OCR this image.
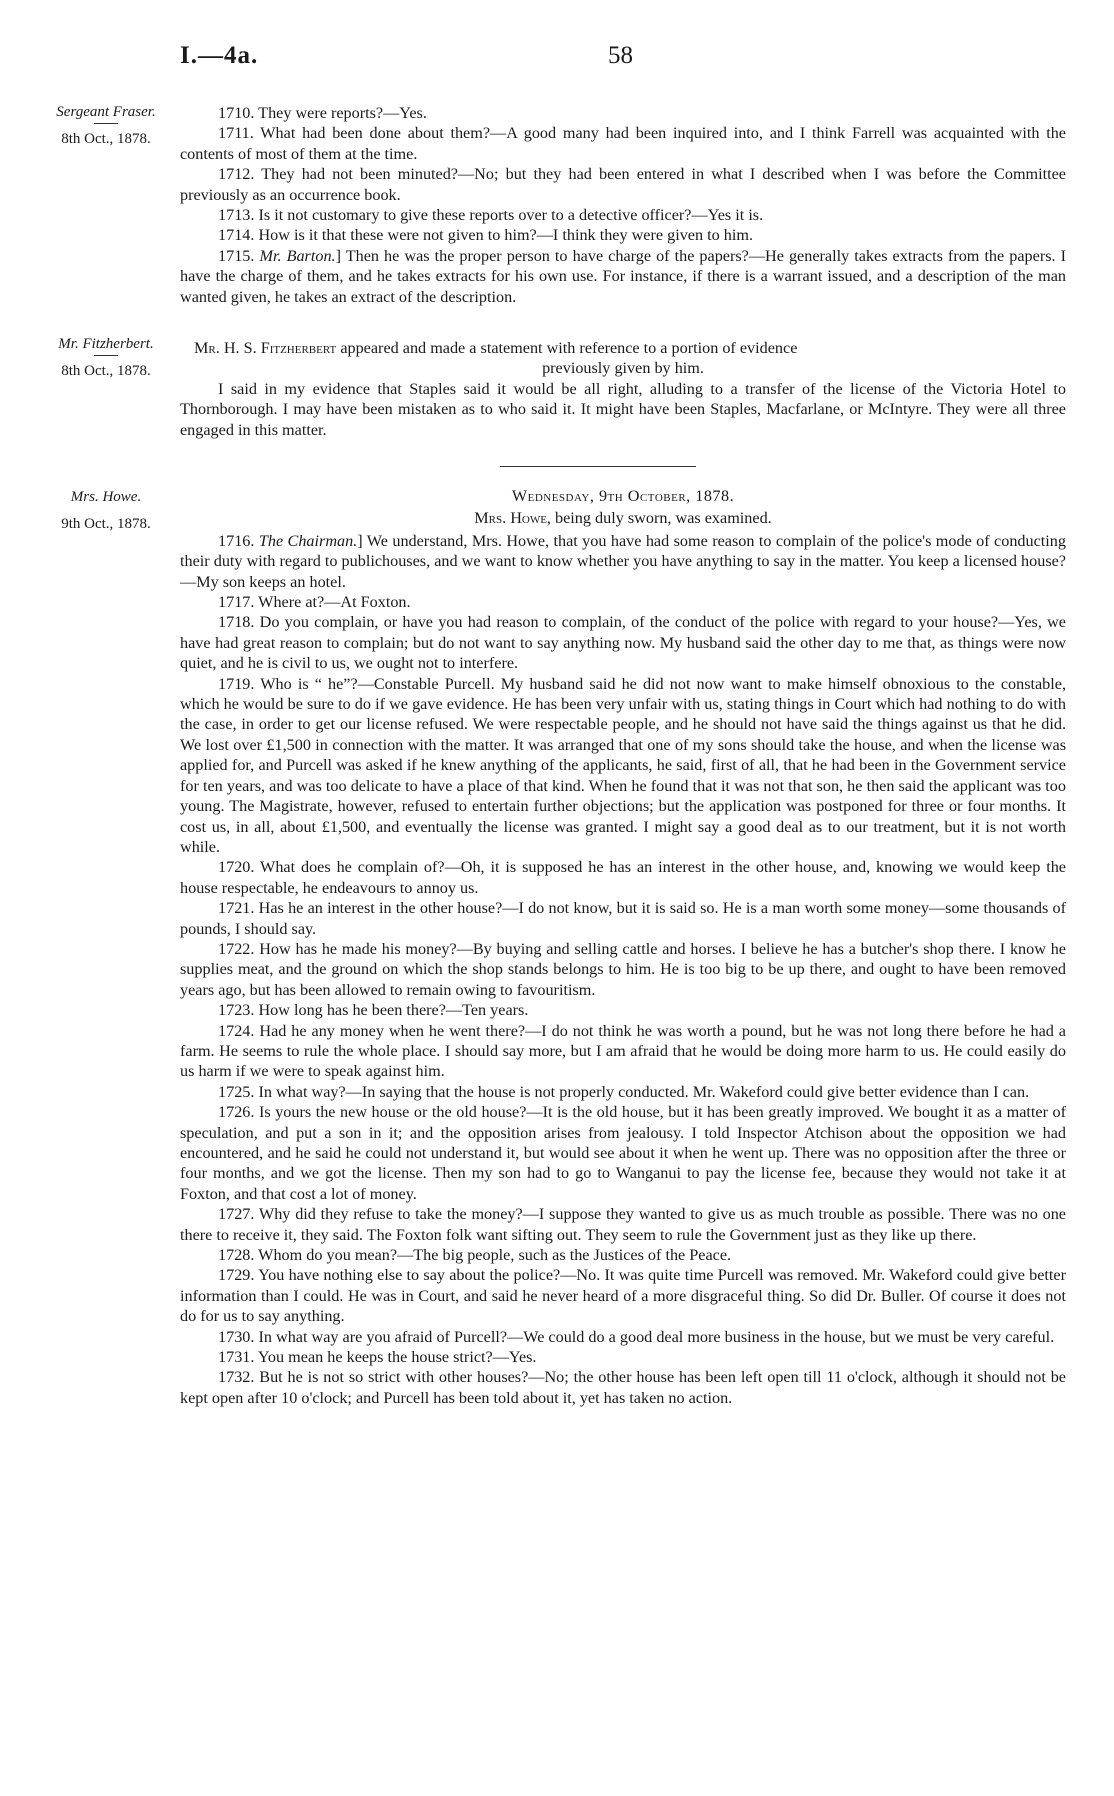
I.—4a.	58
Sergeant Fraser.
8th Oct., 1878.
Mr. Fitzherbert.
8th Oct., 1878.
Mrs. Howe.
9th Oct., 1878.

1710. They were reports?—Yes.

1711. What had been done about them?—A good many had been inquired into, and I think Farrell was acquainted with the contents of most of them at the time.

1712. They had not been minuted?—No; but they had been entered in what I described when I was before the Committee previously as an occurrence book.

1713. Is it not customary to give these reports over to a detective officer?—Yes it is.

1714. How is it that these were not given to him?—I think they were given to him.

1715. Mr. Barton.] Then he was the proper person to have charge of the papers?—He generally takes extracts from the papers. I have the charge of them, and he takes extracts for his own use. For instance, if there is a warrant issued, and a description of the man wanted given, he takes an extract of the description.

Mr. H. S. Fitzherbert appeared and made a statement with reference to a portion of evidence

previously given by him.

I said in my evidence that Staples said it would be all right, alluding to a transfer of the license of the Victoria Hotel to Thornborough. I may have been mistaken as to who said it. It might have been Staples, Macfarlane, or McIntyre. They were all three engaged in this matter.

Wednesday, 9th October, 1878.

Mrs. Howe, being duly sworn, was examined.

1716. The Chairman.] We understand, Mrs. Howe, that you have had some reason to complain of the police's mode of conducting their duty with regard to publichouses, and we want to know whether you have anything to say in the matter. You keep a licensed house?—My son keeps an hotel.

1717. Where at?—At Foxton.

1718. Do you complain, or have you had reason to complain, of the conduct of the police with regard to your house?—Yes, we have had great reason to complain; but do not want to say anything now. My husband said the other day to me that, as things were now quiet, and he is civil to us, we ought not to interfere.

1719. Who is “ he”?—Constable Purcell. My husband said he did not now want to make himself obnoxious to the constable, which he would be sure to do if we gave evidence. He has been very unfair with us, stating things in Court which had nothing to do with the case, in order to get our license refused. We were respectable people, and he should not have said the things against us that he did. We lost over £1,500 in connection with the matter. It was arranged that one of my sons should take the house, and when the license was applied for, and Purcell was asked if he knew anything of the applicants, he said, first of all, that he had been in the Government service for ten years, and was too delicate to have a place of that kind. When he found that it was not that son, he then said the applicant was too young. The Magistrate, however, refused to entertain further objections; but the application was postponed for three or four months. It cost us, in all, about £1,500, and eventually the license was granted. I might say a good deal as to our treatment, but it is not worth while.

1720. What does he complain of?—Oh, it is supposed he has an interest in the other house, and, knowing we would keep the house respectable, he endeavours to annoy us.

1721. Has he an interest in the other house?—I do not know, but it is said so. He is a man worth some money—some thousands of pounds, I should say.

1722. How has he made his money?—By buying and selling cattle and horses. I believe he has a butcher's shop there. I know he supplies meat, and the ground on which the shop stands belongs to him. He is too big to be up there, and ought to have been removed years ago, but has been allowed to remain owing to favouritism.

1723. How long has he been there?—Ten years.

1724. Had he any money when he went there?—I do not think he was worth a pound, but he was not long there before he had a farm. He seems to rule the whole place. I should say more, but I am afraid that he would be doing more harm to us. He could easily do us harm if we were to speak against him.

1725. In what way?—In saying that the house is not properly conducted. Mr. Wakeford could give better evidence than I can.

1726. Is yours the new house or the old house?—It is the old house, but it has been greatly improved. We bought it as a matter of speculation, and put a son in it; and the opposition arises from jealousy. I told Inspector Atchison about the opposition we had encountered, and he said he could not understand it, but would see about it when he went up. There was no opposition after the three or four months, and we got the license. Then my son had to go to Wanganui to pay the license fee, because they would not take it at Foxton, and that cost a lot of money.

1727. Why did they refuse to take the money?—I suppose they wanted to give us as much trouble as possible. There was no one there to receive it, they said. The Foxton folk want sifting out. They seem to rule the Government just as they like up there.

1728. Whom do you mean?—The big people, such as the Justices of the Peace.

1729. You have nothing else to say about the police?—No. It was quite time Purcell was removed. Mr. Wakeford could give better information than I could. He was in Court, and said he never heard of a more disgraceful thing. So did Dr. Buller. Of course it does not do for us to say anything.

1730. In what way are you afraid of Purcell?—We could do a good deal more business in the house, but we must be very careful.

1731. You mean he keeps the house strict?—Yes.

1732. But he is not so strict with other houses?—No; the other house has been left open till 11 o'clock, although it should not be kept open after 10 o'clock; and Purcell has been told about it, yet has taken no action.
